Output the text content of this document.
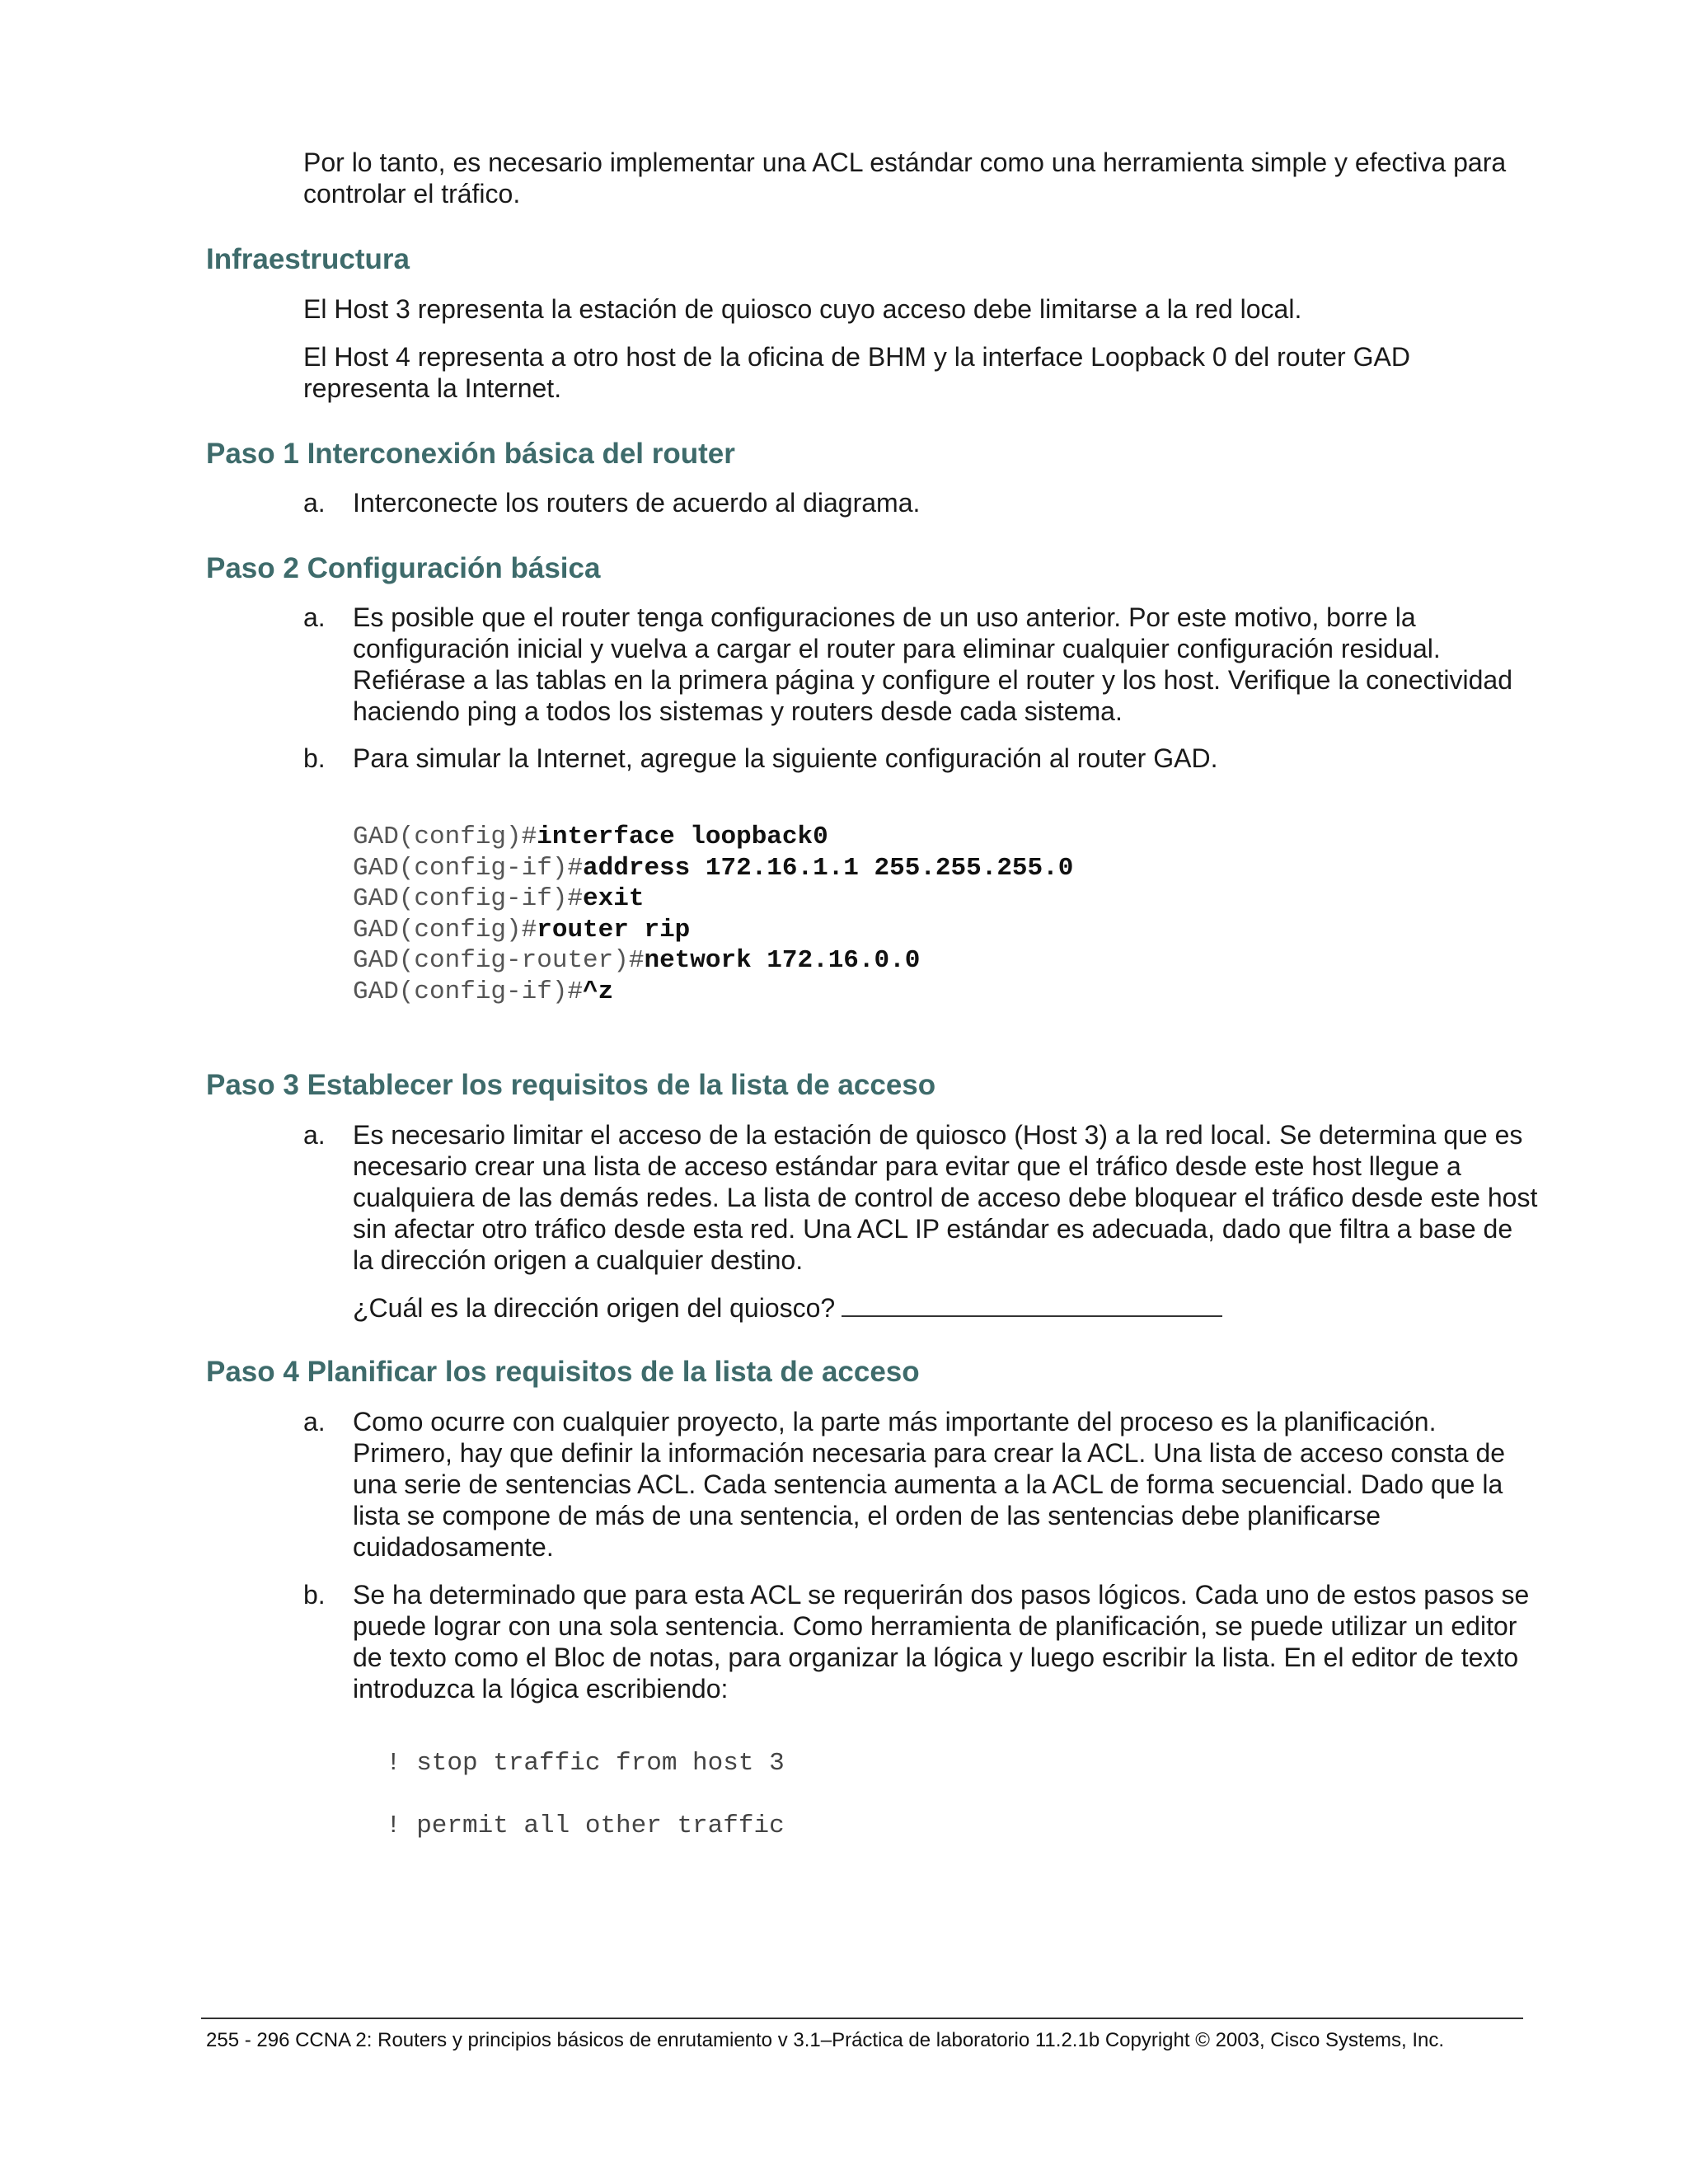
Por lo tanto, es necesario implementar una ACL estándar como una herramienta simple y efectiva para controlar el tráfico.

Infraestructura

El Host 3 representa la estación de quiosco cuyo acceso debe limitarse a la red local.

El Host 4 representa a otro host de la oficina de BHM y la interface Loopback 0 del router GAD representa la Internet.

Paso 1 Interconexión básica del router
a. Interconecte los routers de acuerdo al diagrama.
Paso 2 Configuración básica
a. Es posible que el router tenga configuraciones de un uso anterior. Por este motivo, borre la configuración inicial y vuelva a cargar el router para eliminar cualquier configuración residual. Refiérase a las tablas en la primera página y configure el router y los host. Verifique la conectividad haciendo ping a todos los sistemas y routers desde cada sistema.
b. Para simular la Internet, agregue la siguiente configuración al router GAD.
GAD(config)#interface loopback0
GAD(config-if)#address 172.16.1.1 255.255.255.0
GAD(config-if)#exit
GAD(config)#router rip
GAD(config-router)#network 172.16.0.0
GAD(config-if)#^z
Paso 3 Establecer los requisitos de la lista de acceso
a. Es necesario limitar el acceso de la estación de quiosco (Host 3) a la red local. Se determina que es necesario crear una lista de acceso estándar para evitar que el tráfico desde este host llegue a cualquiera de las demás redes. La lista de control de acceso debe bloquear el tráfico desde este host sin afectar otro tráfico desde esta red. Una ACL IP estándar es adecuada, dado que filtra a base de la dirección origen a cualquier destino.

¿Cuál es la dirección origen del quiosco?

Paso 4 Planificar los requisitos de la lista de acceso
a. Como ocurre con cualquier proyecto, la parte más importante del proceso es la planificación. Primero, hay que definir la información necesaria para crear la ACL. Una lista de acceso consta de una serie de sentencias ACL. Cada sentencia aumenta a la ACL de forma secuencial. Dado que la lista se compone de más de una sentencia, el orden de las sentencias debe planificarse cuidadosamente.
b. Se ha determinado que para esta ACL se requerirán dos pasos lógicos. Cada uno de estos pasos se puede lograr con una sola sentencia. Como herramienta de planificación, se puede utilizar un editor de texto como el Bloc de notas, para organizar la lógica y luego escribir la lista. En el editor de texto introduzca la lógica escribiendo:

! stop traffic from host 3

! permit all other traffic

255 - 296 CCNA 2: Routers y principios básicos de enrutamiento v 3.1–Práctica de laboratorio 11.2.1b Copyright © 2003, Cisco Systems, Inc.
